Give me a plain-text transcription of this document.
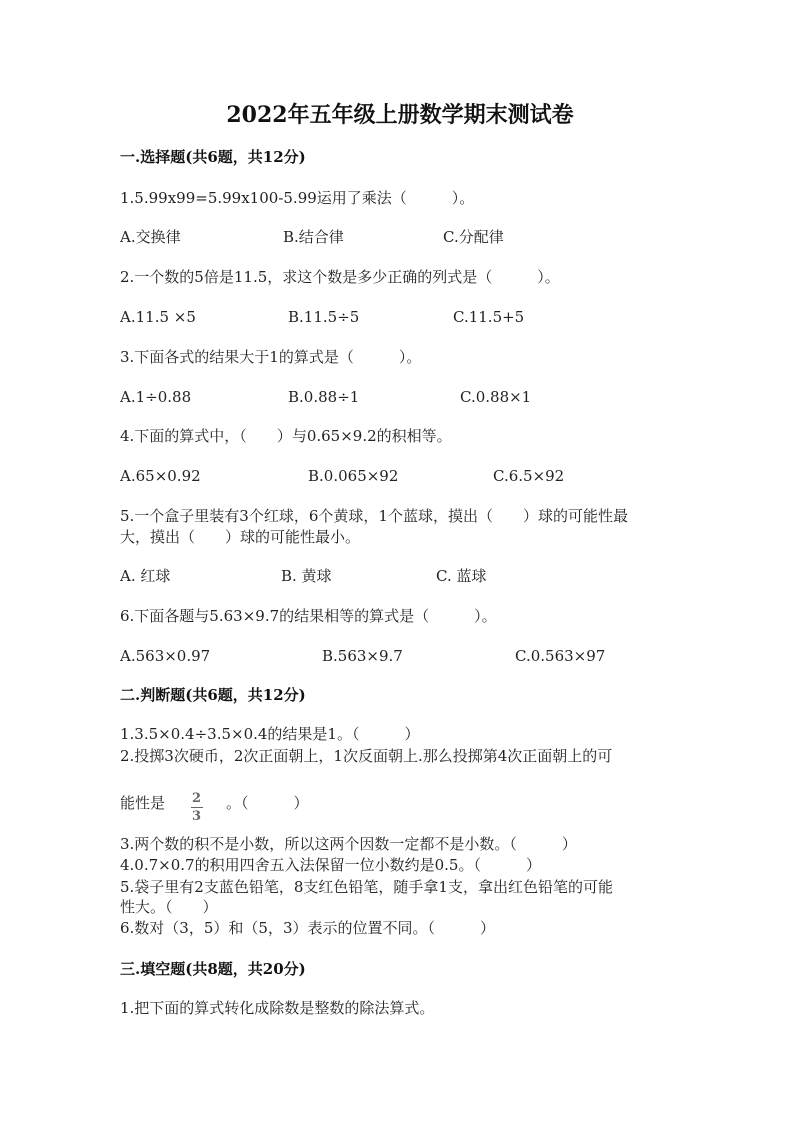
2022年五年级上册数学期末测试卷
一.选择题(共6题，共12分)
1.5.99x99=5.99x100-5.99运用了乘法（　　　）。
A.交换律	B.结合律	C.分配律
2.一个数的5倍是11.5，求这个数是多少正确的列式是（　　　）。
A.11.5 ×5	B.11.5÷5	C.11.5+5
3.下面各式的结果大于1的算式是（　　　）。
A.1÷0.88	B.0.88÷1	C.0.88×1
4.下面的算式中，（　　）与0.65×9.2的积相等。
A.65×0.92	B.0.065×92	C.6.5×92
5.一个盒子里装有3个红球，6个黄球，1个蓝球，摸出（　　）球的可能性最
大，摸出（　　）球的可能性最小。
A. 红球	B. 黄球	C. 蓝球
6.下面各题与5.63×9.7的结果相等的算式是（　　　）。
A.563×0.97	B.563×9.7	C.0.563×97
二.判断题(共6题，共12分)
1.3.5×0.4÷3.5×0.4的结果是1。（　　　）
2.投掷3次硬币，2次正面朝上，1次反面朝上.那么投掷第4次正面朝上的可
能性是 $\frac{2}{3}$ 。（　　　）
3.两个数的积不是小数，所以这两个因数一定都不是小数。（　　　）
4.0.7×0.7的积用四舍五入法保留一位小数约是0.5。（　　　）
5.袋子里有2支蓝色铅笔，8支红色铅笔，随手拿1支，拿出红色铅笔的可能
性大。（　　）
6.数对（3，5）和（5，3）表示的位置不同。（　　　）
三.填空题(共8题，共20分)
1.把下面的算式转化成除数是整数的除法算式。
